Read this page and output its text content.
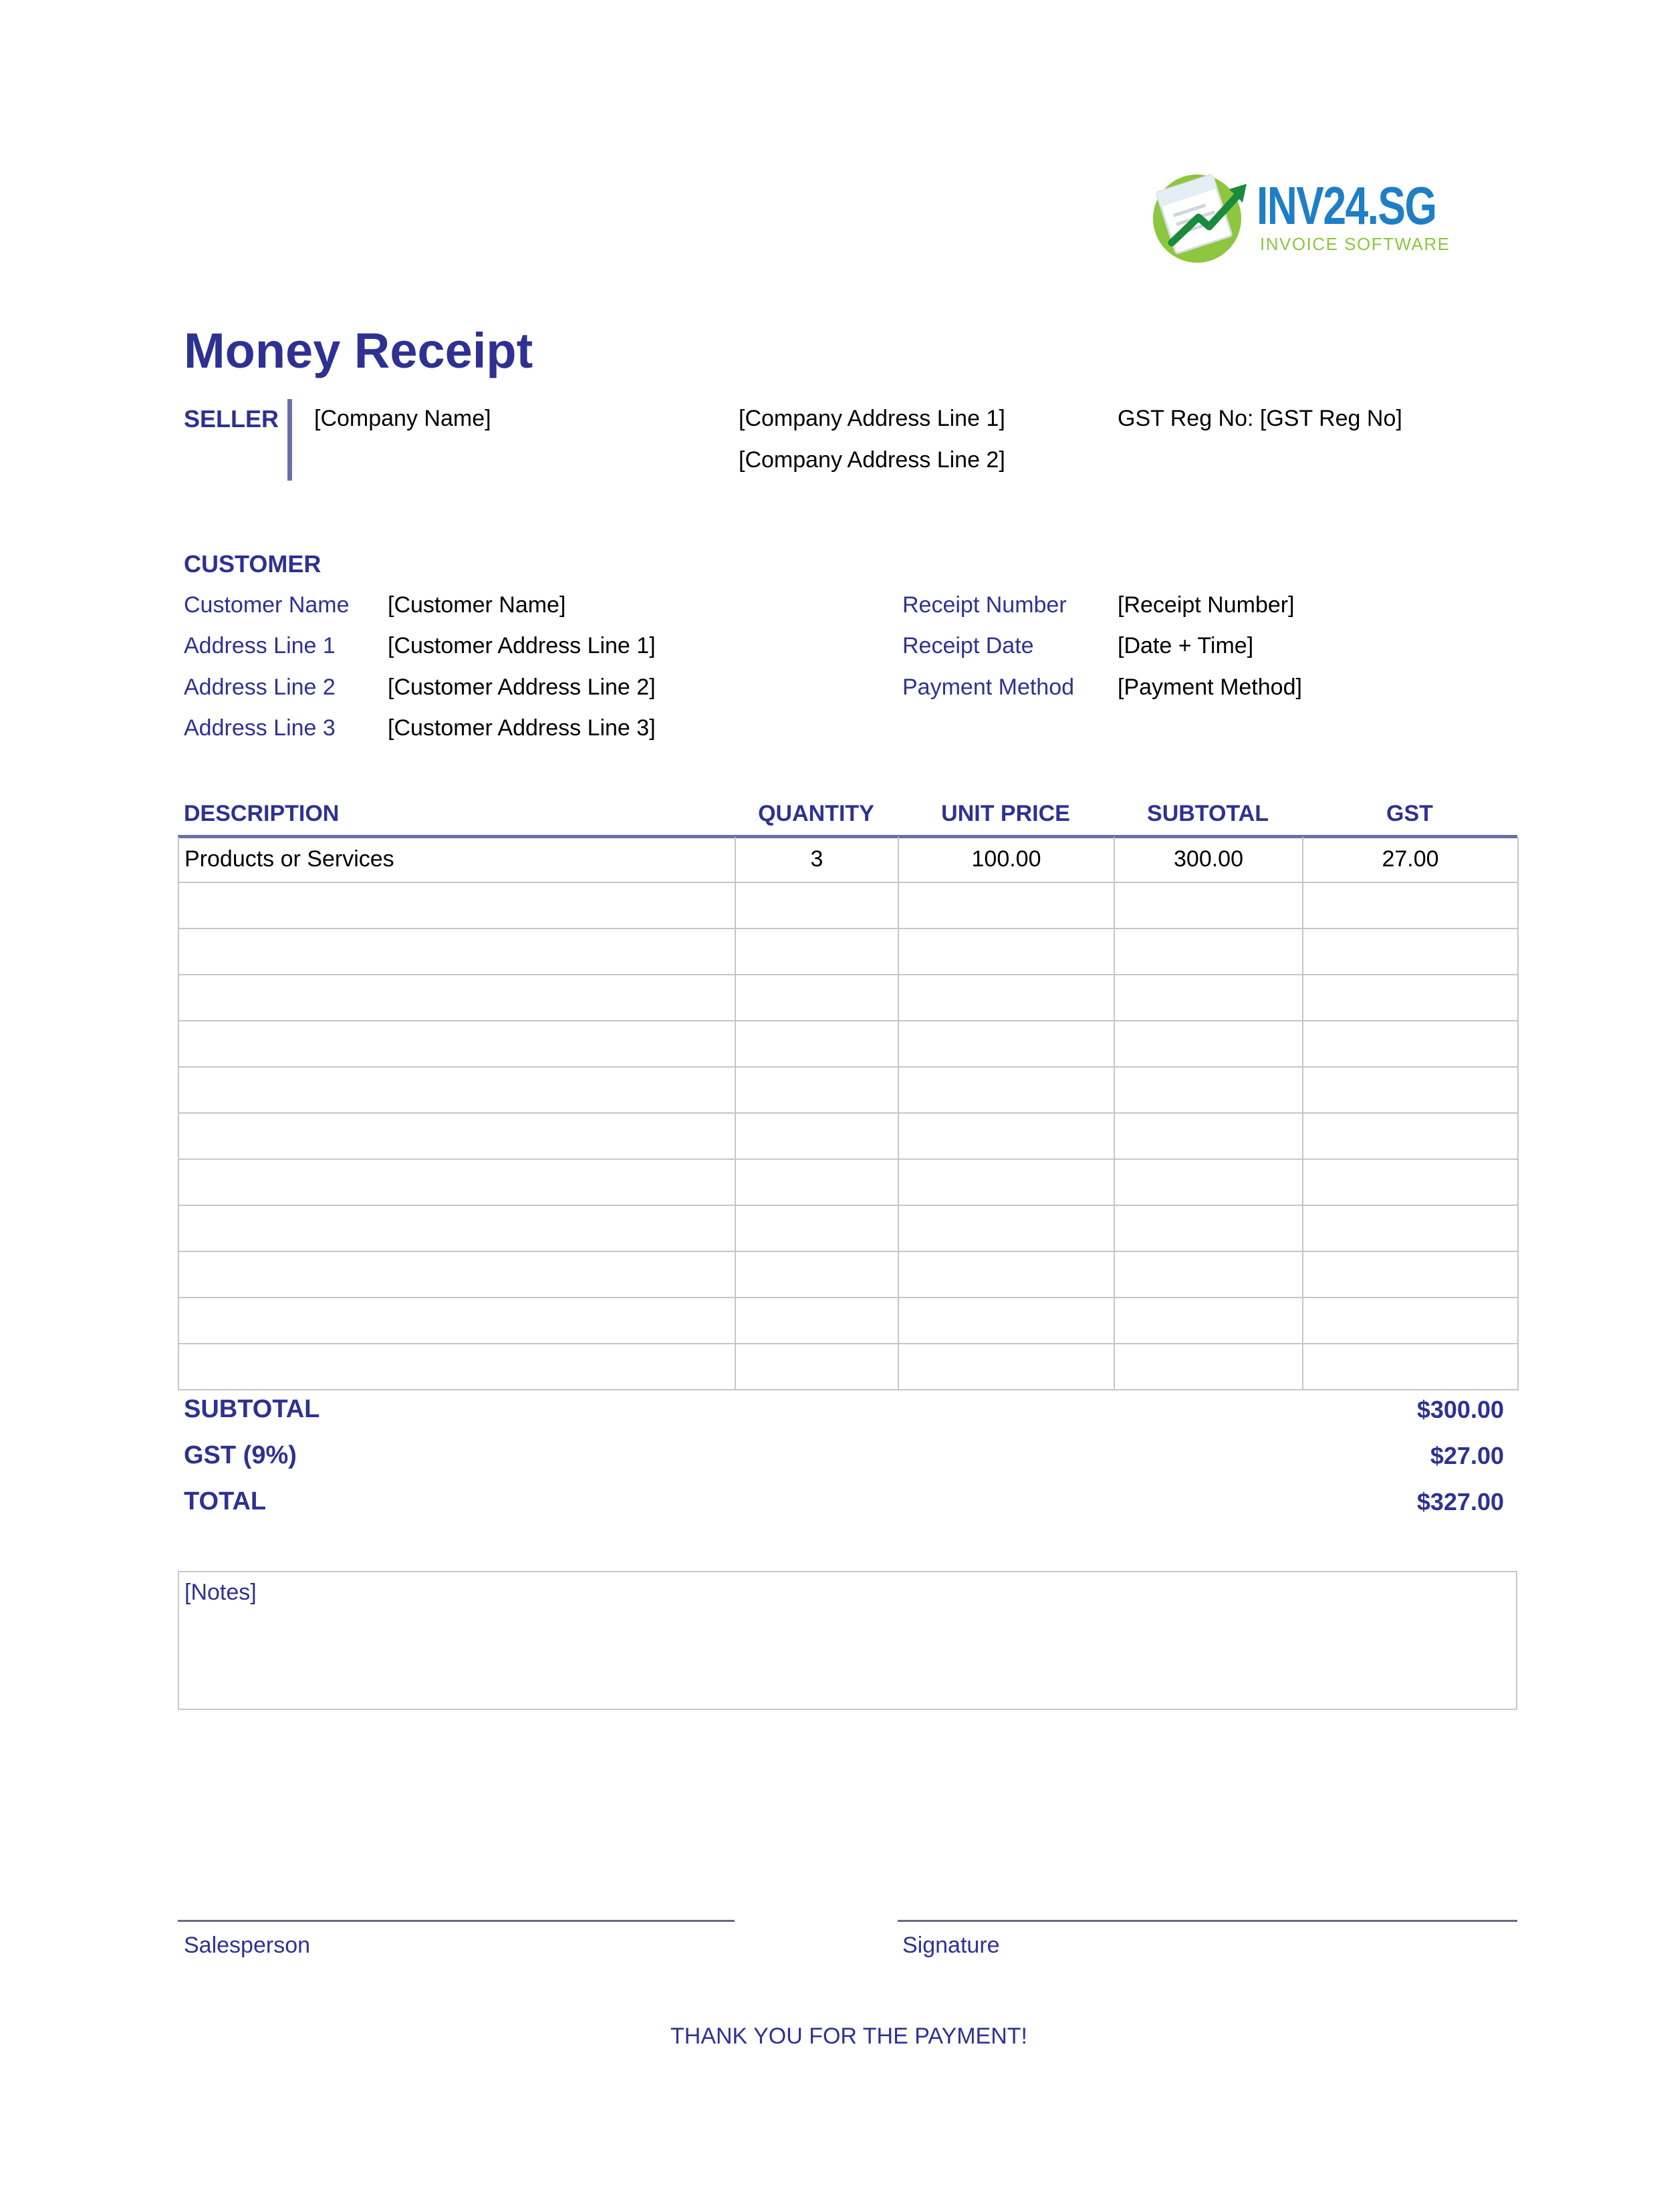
INV24.SG
INVOICE SOFTWARE
Money Receipt
SELLER [Company Name]	[Company Address Line 1]
[Company Address Line 2]
GST Reg No: [GST Reg No]
CUSTOMER
Customer Name [Customer Name]
Address Line 1 [Customer Address Line 1]
Address Line 2 [Customer Address Line 2]
Address Line 3 [Customer Address Line 3]
Receipt Number [Receipt Number]
Receipt Date	[Date + Time]
Payment Method [Payment Method]
DESCRIPTION	QUANTITY	UNIT PRICE	SUBTOTAL	GST
Products or Services	3	100.00	300.00	27.00

SUBTOTAL	$300.00
GST (9%)	$27.00
TOTAL	$327.00
[Notes]
Salesperson	Signature
THANK YOU FOR THE PAYMENT!
